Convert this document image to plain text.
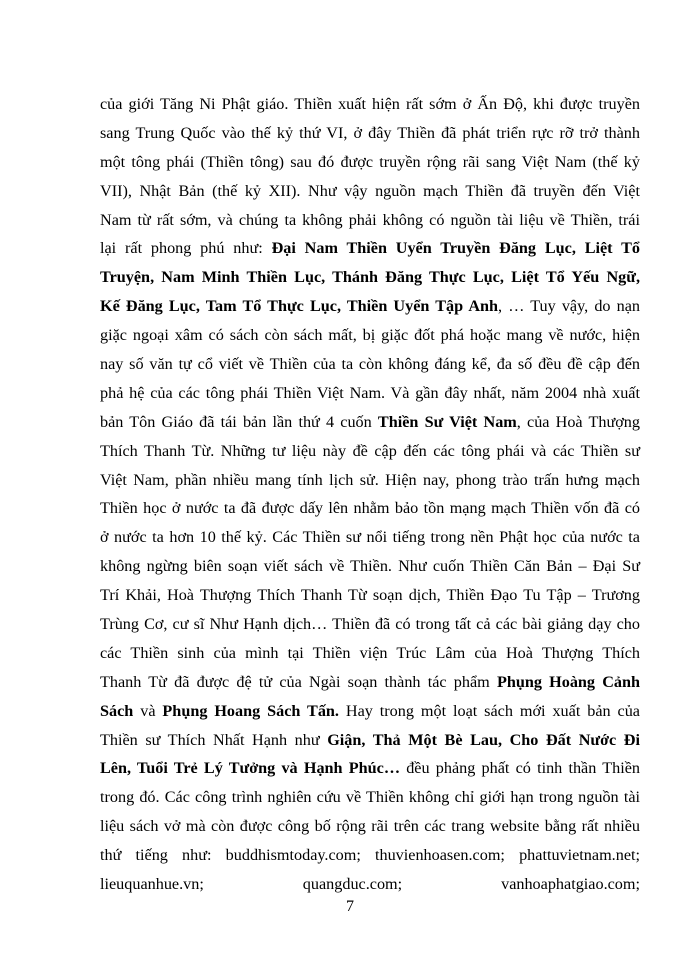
của giới Tăng Ni Phật giáo. Thiền xuất hiện rất sớm ở Ấn Độ, khi được truyền
sang Trung Quốc vào thế kỷ thứ VI, ở đây Thiền đã phát triển rực rỡ trở thành
một tông phái (Thiền tông) sau đó được truyền rộng rãi sang Việt Nam (thế kỷ
VII), Nhật Bản (thế kỷ XII). Như vậy nguồn mạch Thiền đã truyền đến Việt
Nam từ rất sớm, và chúng ta không phải không có nguồn tài liệu về Thiền, trái
lại rất phong phú như: Đại Nam Thiền Uyển Truyền Đăng Lục, Liệt Tổ
Truyện, Nam Minh Thiền Lục, Thánh Đăng Thực Lục, Liệt Tổ Yếu Ngữ,
Kế Đăng Lục, Tam Tổ Thực Lục, Thiền Uyển Tập Anh, … Tuy vậy, do nạn
giặc ngoại xâm có sách còn sách mất, bị giặc đốt phá hoặc mang về nước, hiện
nay số văn tự cổ viết về Thiền của ta còn không đáng kể, đa số đều đề cập đến
phả hệ của các tông phái Thiền Việt Nam. Và gần đây nhất, năm 2004 nhà xuất
bản Tôn Giáo đã tái bản lần thứ 4 cuốn Thiền Sư Việt Nam, của Hoà Thượng
Thích Thanh Từ. Những tư liệu này đề cập đến các tông phái và các Thiền sư
Việt Nam, phần nhiều mang tính lịch sử. Hiện nay, phong trào trấn hưng mạch
Thiền học ở nước ta đã được dấy lên nhằm bảo tồn mạng mạch Thiền vốn đã có
ở nước ta hơn 10 thế kỷ. Các Thiền sư nổi tiếng trong nền Phật học của nước ta
không ngừng biên soạn viết sách về Thiền. Như cuốn Thiền Căn Bản – Đại Sư
Trí Khải, Hoà Thượng Thích Thanh Từ soạn dịch, Thiền Đạo Tu Tập – Trương
Trùng Cơ, cư sĩ Như Hạnh dịch… Thiền đã có trong tất cả các bài giảng dạy cho
các Thiền sinh của mình tại Thiền viện Trúc Lâm của Hoà Thượng Thích
Thanh Từ đã được đệ tử của Ngài soạn thành tác phẩm Phụng Hoàng Cảnh
Sách và Phụng Hoang Sách Tấn. Hay trong một loạt sách mới xuất bản của
Thiền sư Thích Nhất Hạnh như Giận, Thả Một Bè Lau, Cho Đất Nước Đi
Lên, Tuổi Trẻ Lý Tưởng và Hạnh Phúc… đều phảng phất có tinh thần Thiền
trong đó. Các công trình nghiên cứu về Thiền không chỉ giới hạn trong nguồn tài
liệu sách vở mà còn được công bố rộng rãi trên các trang website bằng rất nhiều
thứ tiếng như: buddhismtoday.com; thuvienhoasen.com; phattuvietnam.net;
lieuquanhue.vn; quangduc.com; vanhoaphatgiao.com;
7
